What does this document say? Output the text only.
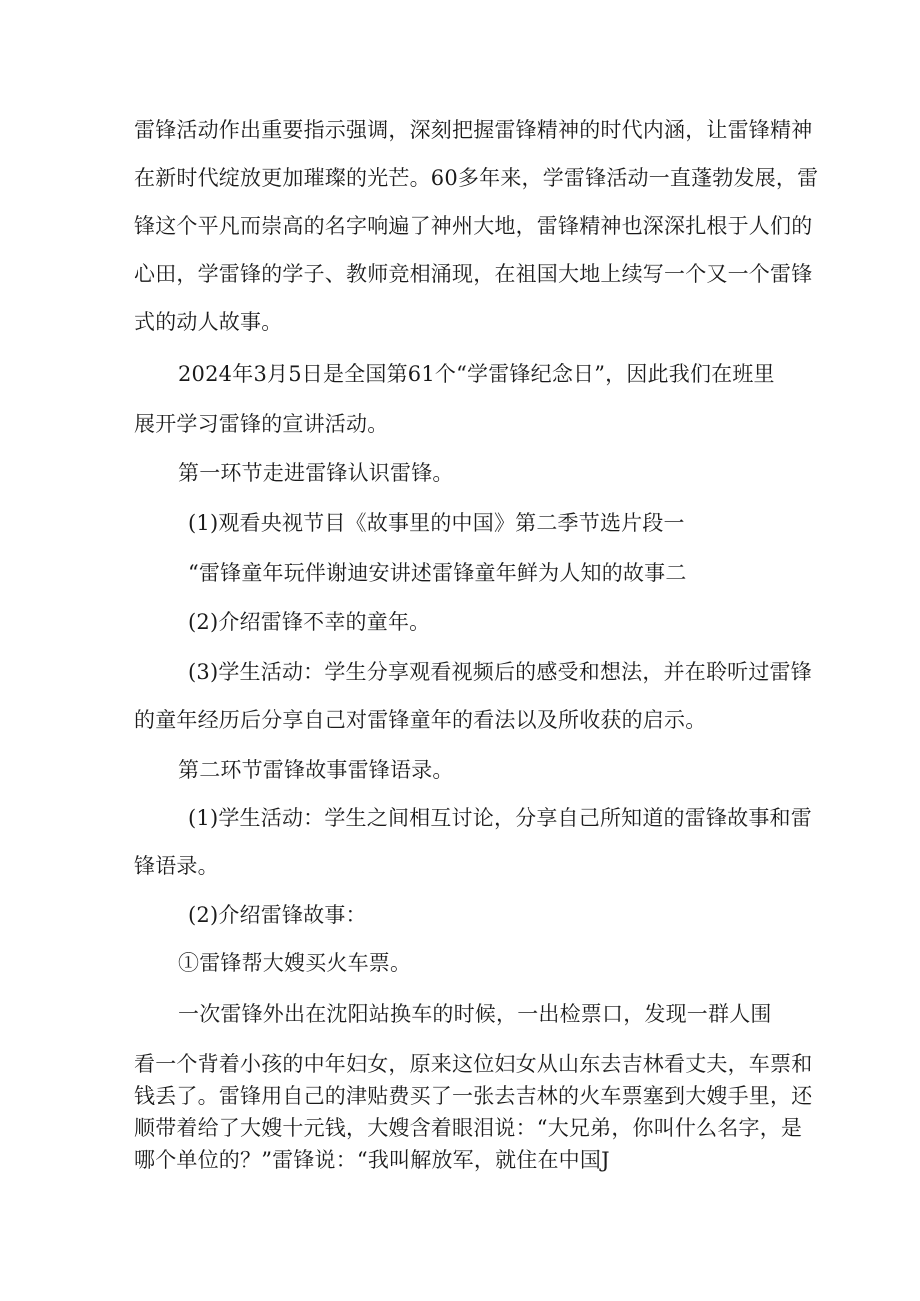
雷锋活动作出重要指示强调，深刻把握雷锋精神的时代内涵，让雷锋精神
在新时代绽放更加璀璨的光芒。60多年来，学雷锋活动一直蓬勃发展，雷
锋这个平凡而崇高的名字响遍了神州大地，雷锋精神也深深扎根于人们的
心田，学雷锋的学子、教师竞相涌现，在祖国大地上续写一个又一个雷锋
式的动人故事。
2024年3月5日是全国第61个“学雷锋纪念日”，因此我们在班里
展开学习雷锋的宣讲活动。
第一环节走进雷锋认识雷锋。
(1)观看央视节目《故事里的中国》第二季节选片段一
“雷锋童年玩伴谢迪安讲述雷锋童年鲜为人知的故事二
(2)介绍雷锋不幸的童年。
(3)学生活动：学生分享观看视频后的感受和想法，并在聆听过雷锋
的童年经历后分享自己对雷锋童年的看法以及所收获的启示。
第二环节雷锋故事雷锋语录。
(1)学生活动：学生之间相互讨论，分享自己所知道的雷锋故事和雷
锋语录。
(2)介绍雷锋故事：
①雷锋帮大嫂买火车票。
一次雷锋外出在沈阳站换车的时候，一出检票口，发现一群人围
看一个背着小孩的中年妇女，原来这位妇女从山东去吉林看丈夫，车票和
钱丢了。雷锋用自己的津贴费买了一张去吉林的火车票塞到大嫂手里，还
顺带着给了大嫂十元钱，大嫂含着眼泪说：“大兄弟，你叫什么名字，是
哪个单位的？”雷锋说：“我叫解放军，就住在中国J
